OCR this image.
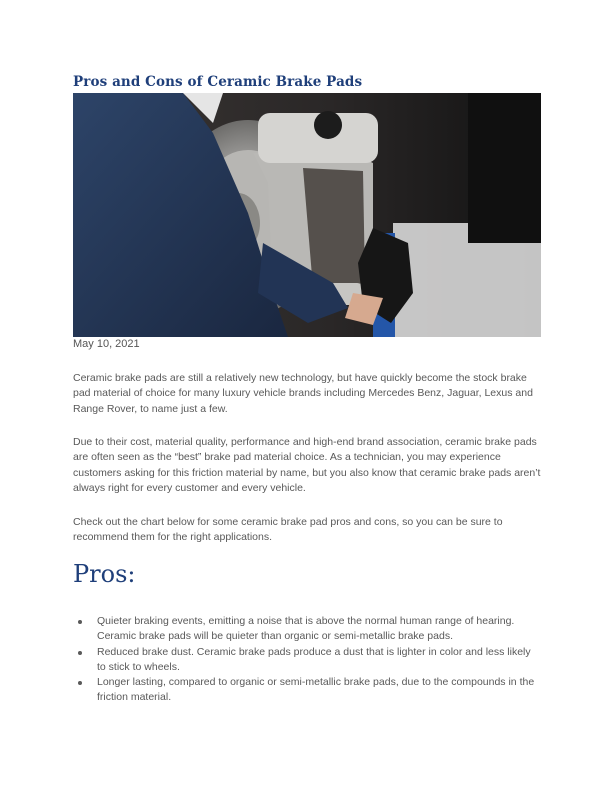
Pros and Cons of Ceramic Brake Pads
May 10, 2021

Ceramic brake pads are still a relatively new technology, but have quickly become the stock brake pad material of choice for many luxury vehicle brands including Mercedes Benz, Jaguar, Lexus and Range Rover, to name just a few.

Due to their cost, material quality, performance and high-end brand association, ceramic brake pads are often seen as the “best” brake pad material choice. As a technician, you may experience customers asking for this friction material by name, but you also know that ceramic brake pads aren’t always right for every customer and every vehicle.

Check out the chart below for some ceramic brake pad pros and cons, so you can be sure to recommend them for the right applications.

Pros:
Quieter braking events, emitting a noise that is above the normal human range of hearing. Ceramic brake pads will be quieter than organic or semi-metallic brake pads.
Reduced brake dust. Ceramic brake pads produce a dust that is lighter in color and less likely to stick to wheels.
Longer lasting, compared to organic or semi-metallic brake pads, due to the compounds in the friction material.
